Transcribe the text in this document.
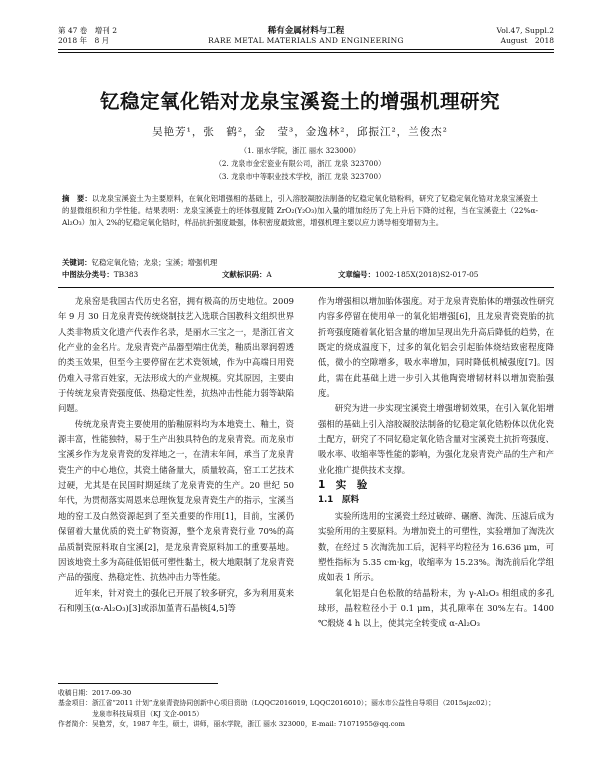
第 47 卷　增刊 2
2018 年　8 月
稀有金属材料与工程
RARE METAL MATERIALS AND ENGINEERING
Vol.47, Suppl.2
August　2018
钇稳定氧化锆对龙泉宝溪瓷土的增强机理研究
吴艳芳¹，张　鹤²，金　莹³，金逸林²，邱振江²，兰俊杰²
（1. 丽水学院，浙江 丽水 323000）
（2. 龙泉市金宏瓷业有限公司，浙江 龙泉 323700）
（3. 龙泉市中等职业技术学校，浙江 龙泉 323700）
摘　要：以龙泉宝溪瓷土为主要原料，在氧化铝增强相的基础上，引入溶胶凝胶法制备的钇稳定氧化锆粉料，研究了钇稳定氧化锆对龙泉宝溪瓷土的显微组织和力学性能。结果表明：龙泉宝溪瓷土的坯体强度随 ZrO₂(Y₂O₃)加入量的增加经历了先上升后下降的过程，当在宝溪瓷土（22%α-Al₂O₃）加入 2%的钇稳定氧化锆时，样品抗折强度最强，体积密度最致密，增强机理主要以应力诱导相变增韧为主。
关键词：钇稳定氧化锆；龙泉；宝溪；增强机理
中图法分类号：TB383	文献标识码：A	文章编号：1002-185X(2018)S2-017-05

龙泉窑是我国古代历史名窑，拥有极高的历史地位。2009 年 9 月 30 日龙泉青瓷传统烧制技艺入选联合国教科文组织世界人类非物质文化遗产代表作名录，是丽水三宝之一，是浙江省文化产业的金名片。龙泉青瓷产品器型端庄优美，釉质出翠润碧透的类玉效果，但至今主要停留在艺术瓷领域，作为中高端日用瓷仍难入寻常百姓家，无法形成大的产业规模。究其原因，主要由于传统龙泉青瓷强度低、热稳定性差，抗热冲击性能力弱等缺陷问题。

传统龙泉青瓷主要使用的胎釉原料均为本地瓷土、釉土，资源丰富，性能独特，易于生产出独具特色的龙泉青瓷。而龙泉市宝溪乡作为龙泉青瓷的发祥地之一，在清末年间，承当了龙泉青瓷生产的中心地位，其瓷土储备量大，质量较高，窑工工艺技术过硬，尤其是在民国时期延续了龙泉青瓷的生产。20 世纪 50 年代，为贯彻落实周恩来总理恢复龙泉青瓷生产的指示，宝溪当地的窑工及白然资源起到了至关重要的作用[1]，目前，宝溪仍保留着大量优质的瓷土矿物资源，整个龙泉青瓷行业 70%的高品质制瓷原料取自宝溪[2]，是龙泉青瓷原料加工的重要基地。因该地瓷土多为高硅低铝低可塑性黏土，极大地限制了龙泉青瓷产品的强度、热稳定性、抗热冲击力等性能。

近年来，针对瓷土的强化已开展了较多研究，多为利用莫来石和刚玉(α-Al₂O₃)[3]或添加堇青石晶核[4,5]等

作为增强相以增加胎体强度。对于龙泉青瓷胎体的增强改性研究内容多停留在使用单一的氧化铝增强[6]，且龙泉青瓷瓷胎的抗折弯强度随着氧化铝含量的增加呈现出先升高后降低的趋势，在既定的烧成温度下，过多的氧化铝会引起胎体烧结致密程度降低，微小的空隙增多，吸水率增加，同时降低机械强度[7]。因此，需在此基础上进一步引入其他陶瓷增韧材料以增加瓷胎强度。

研究为进一步实现宝溪瓷土增强增韧效果，在引入氧化铝增强相的基础上引入溶胶凝胶法制备的钇稳定氧化锆粉体以优化瓷土配方，研究了不同钇稳定氧化锆含量对宝溪瓷土抗折弯强度、吸水率、收缩率等性能的影响，为强化龙泉青瓷产品的生产和产业化推广提供技术支撑。

1　实　验

1.1　原料

实验所选用的宝溪瓷土经过破碎、碾磨、淘洗、压滤后成为实验所用的主要原料。为增加瓷土的可塑性，实验增加了淘洗次数，在经过 5 次淘洗加工后，泥料平均粒径为 16.636 μm，可塑性指标为 5.35 cm·kg，收缩率为 15.23%。淘洗前后化学组成如表 1 所示。

氧化铝是白色松散的结晶粉末，为 γ-Al₂O₃ 相组成的多孔球形，晶粒粒径小于 0.1 μm，其孔隙率在 30%左右。1400 ℃煅烧 4 h 以上，使其完全转变成 α-Al₂O₃

收稿日期：2017-09-30
基金项目：浙江省“2011 计划”龙泉青瓷协同创新中心项目资助（LQQC2016019, LQQC2016010）；丽水市公益性自导项目（2015sjzc02）；
　　　　　龙泉市科技局项目（KJ 文企-0015）
作者简介：吴艳芳，女，1987 年生，硕士，讲师，丽水学院，浙江 丽水 323000，E-mail: 71071955@qq.com
